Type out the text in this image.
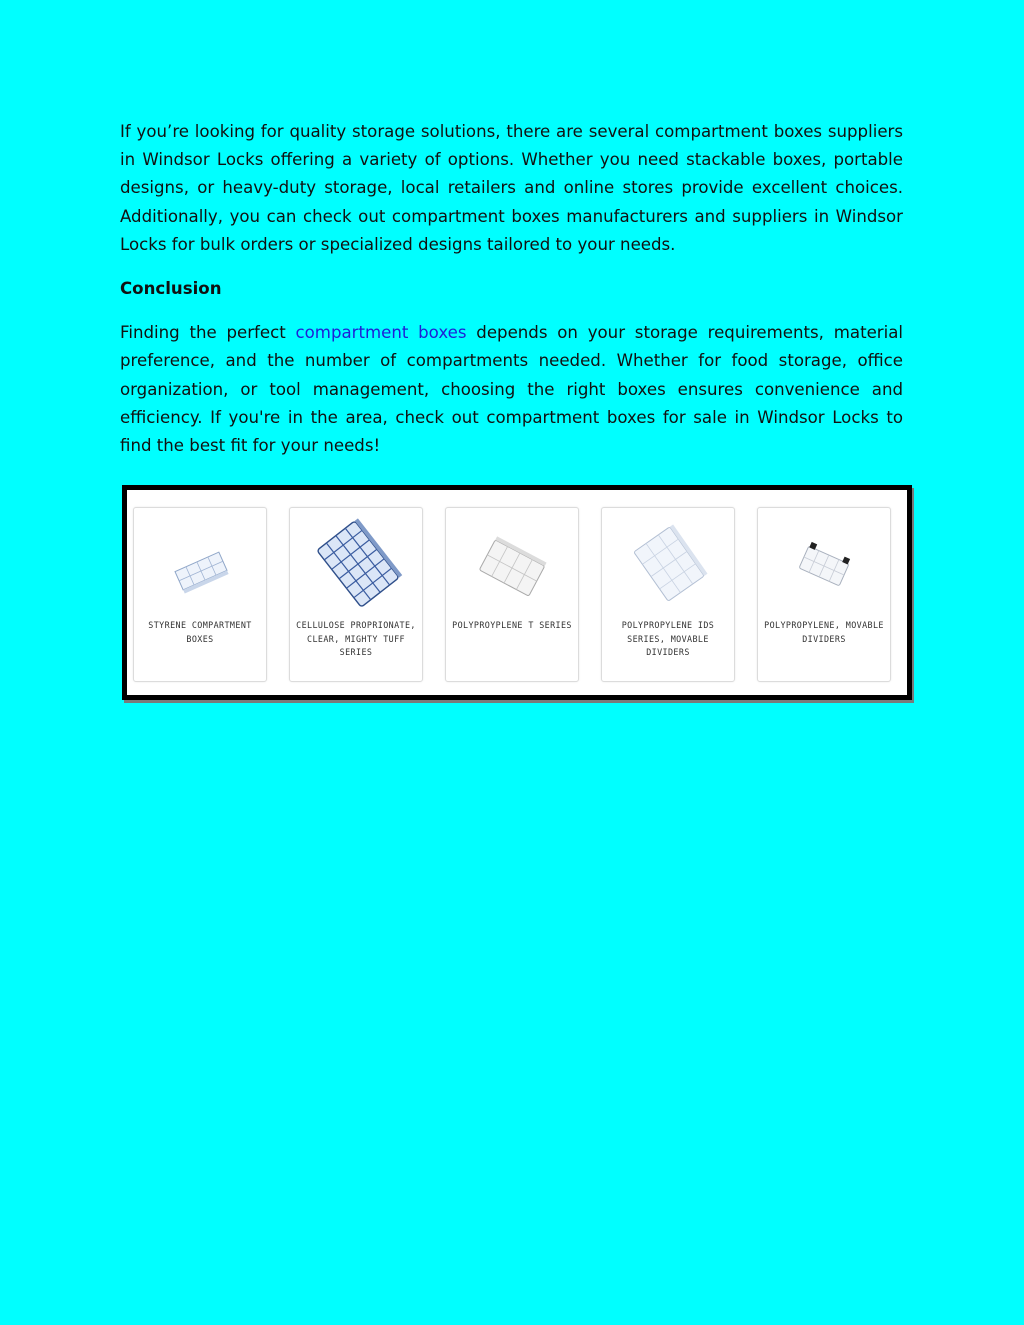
If you’re looking for quality storage solutions, there are several compartment boxes suppliers in Windsor Locks offering a variety of options. Whether you need stackable boxes, portable designs, or heavy-duty storage, local retailers and online stores provide excellent choices. Additionally, you can check out compartment boxes manufacturers and suppliers in Windsor Locks for bulk orders or specialized designs tailored to your needs.

Conclusion

Finding the perfect compartment boxes depends on your storage requirements, material preference, and the number of compartments needed. Whether for food storage, office organization, or tool management, choosing the right boxes ensures convenience and efficiency. If you're in the area, check out compartment boxes for sale in Windsor Locks to find the best fit for your needs!

STYRENE COMPARTMENT BOXES
CELLULOSE PROPRIONATE, CLEAR, MIGHTY TUFF SERIES
POLYPROYPLENE T SERIES	POLYPROPYLENE IDS SERIES, MOVABLE DIVIDERS
POLYPROPYLENE, MOVABLE DIVIDERS
